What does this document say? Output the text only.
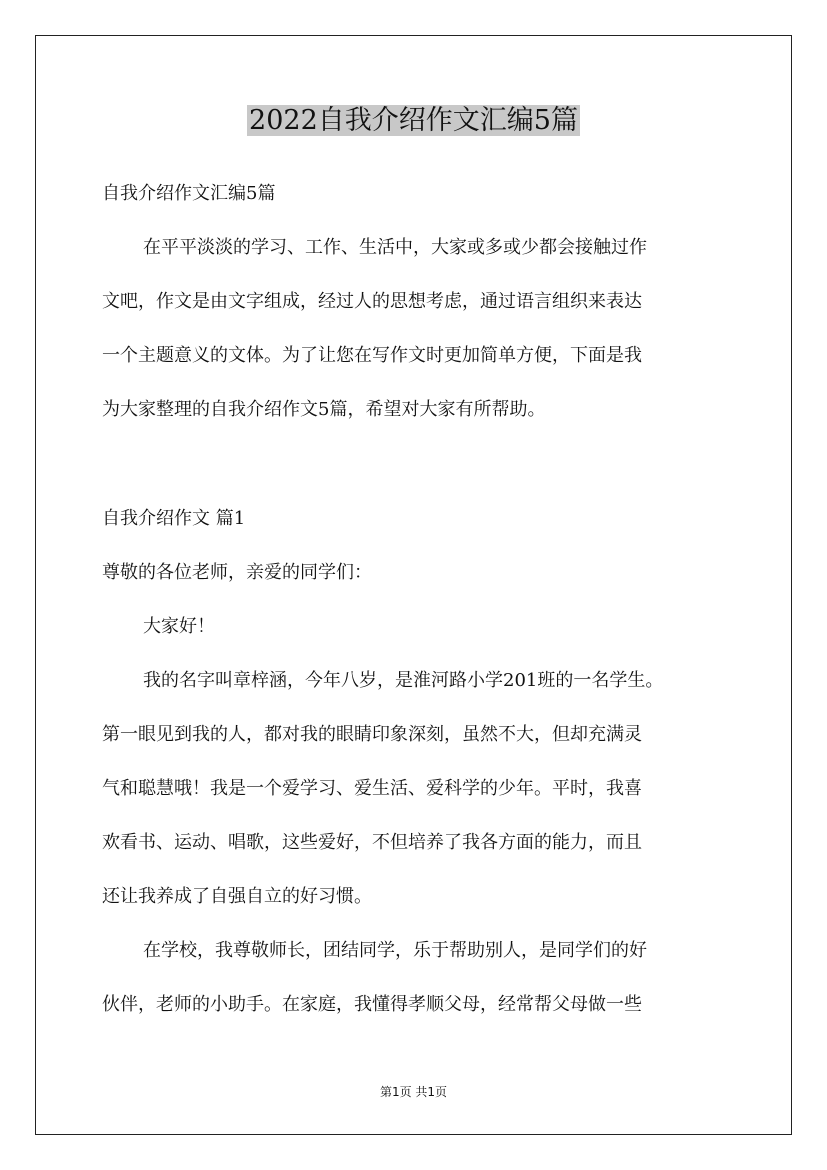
2022自我介绍作文汇编5篇
自我介绍作文汇编5篇
在平平淡淡的学习、工作、生活中，大家或多或少都会接触过作
文吧，作文是由文字组成，经过人的思想考虑，通过语言组织来表达
一个主题意义的文体。为了让您在写作文时更加简单方便，下面是我
为大家整理的自我介绍作文5篇，希望对大家有所帮助。
自我介绍作文 篇1
尊敬的各位老师，亲爱的同学们：
大家好！
我的名字叫章梓涵，今年八岁，是淮河路小学201班的一名学生。
第一眼见到我的人，都对我的眼睛印象深刻，虽然不大，但却充满灵
气和聪慧哦！我是一个爱学习、爱生活、爱科学的少年。平时，我喜
欢看书、运动、唱歌，这些爱好，不但培养了我各方面的能力，而且
还让我养成了自强自立的好习惯。
在学校，我尊敬师长，团结同学，乐于帮助别人，是同学们的好
伙伴，老师的小助手。在家庭，我懂得孝顺父母，经常帮父母做一些
第1页 共1页
